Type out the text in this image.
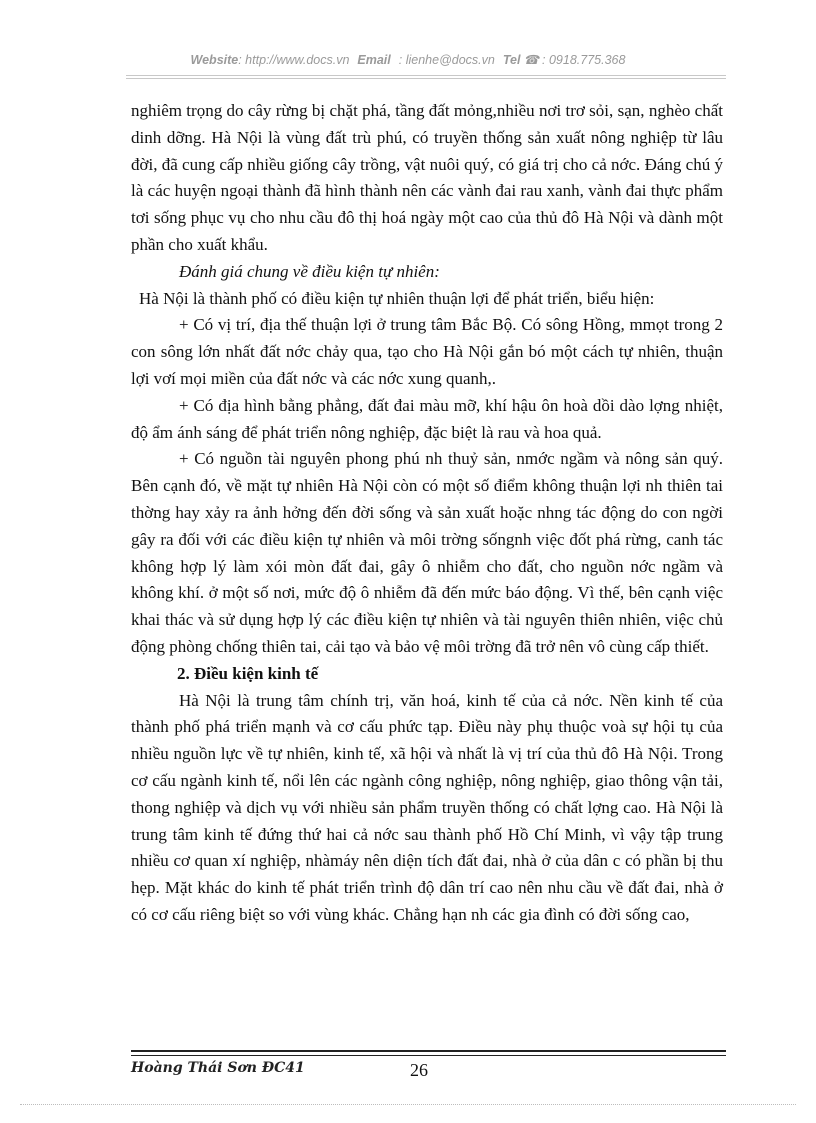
Website: http://www.docs.vn Email : lienhe@docs.vn Tel ☎ : 0918.775.368

nghiêm trọng do cây rừng bị chặt phá, tầng đất mỏng,nhiều nơi trơ sỏi, sạn, nghèo chất dinh dỡng. Hà Nội là vùng đất trù phú, có truyền thống sản xuất nông nghiệp từ lâu đời, đã cung cấp nhiều giống cây trồng, vật nuôi quý, có giá trị cho cả nớc. Đáng chú ý là các huyện ngoại thành đã hình thành nên các vành đai rau xanh, vành đai thực phẩm tơi sống phục vụ cho nhu cầu đô thị hoá ngày một cao của thủ đô Hà Nội và dành một phần cho xuất khẩu.

Đánh giá chung về điều kiện tự nhiên:

Hà Nội là thành phố có điều kiện tự nhiên thuận lợi để phát triển, biểu hiện:

+ Có vị trí, địa thế thuận lợi ở trung tâm Bắc Bộ. Có sông Hồng, mmọt trong 2 con sông lớn nhất đất nớc chảy qua, tạo cho Hà Nội gắn bó một cách tự nhiên, thuận lợi vơí mọi miền của đất nớc và các nớc xung quanh,.

+ Có địa hình bằng phẳng, đất đai màu mỡ, khí hậu ôn hoà dồi dào lợng nhiệt, độ ẩm ánh sáng để phát triển nông nghiệp, đặc biệt là rau và hoa quả.

+ Có nguồn tài nguyên phong phú nh thuỷ sản, nmớc ngầm và nông sản quý. Bên cạnh đó, về mặt tự nhiên Hà Nội còn có một số điểm không thuận lợi nh thiên tai thờng hay xảy ra ảnh hởng đến đời sống và sản xuất hoặc nhng tác động do con ngời gây ra đối với các điều kiện tự nhiên và môi trờng sốngnh việc đốt phá rừng, canh tác không hợp lý làm xói mòn đất đai, gây ô nhiễm cho đất, cho nguồn nớc ngầm và không khí. ở một số nơi, mức độ ô nhiễm đã đến mức báo động. Vì thế, bên cạnh việc khai thác và sử dụng hợp lý các điều kiện tự nhiên và tài nguyên thiên nhiên, việc chủ động phòng chống thiên tai, cải tạo và bảo vệ môi trờng đã trở nên vô cùng cấp thiết.

2. Điều kiện kinh tế

Hà Nội là trung tâm chính trị, văn hoá, kinh tế của cả nớc. Nền kinh tế của thành phố phá triển mạnh và cơ cấu phức tạp. Điều này phụ thuộc voà sự hội tụ của nhiều nguồn lực về tự nhiên, kinh tế, xã hội và nhất là vị trí của thủ đô Hà Nội. Trong cơ cấu ngành kinh tế, nổi lên các ngành công nghiệp, nông nghiệp, giao thông vận tải, thong nghiệp và dịch vụ với nhiều sản phẩm truyền thống có chất lợng cao. Hà Nội là trung tâm kinh tế đứng thứ hai cả nớc sau thành phố Hồ Chí Minh, vì vậy tập trung nhiều cơ quan xí nghiệp, nhàmáy nên diện tích đất đai, nhà ở của dân c có phần bị thu hẹp. Mặt khác do kinh tế phát triển trình độ dân trí cao nên nhu cầu về đất đai, nhà ở có cơ cấu riêng biệt so với vùng khác. Chẳng hạn nh các gia đình có đời sống cao,

Hoàng Thái Sơn ĐC41	26
